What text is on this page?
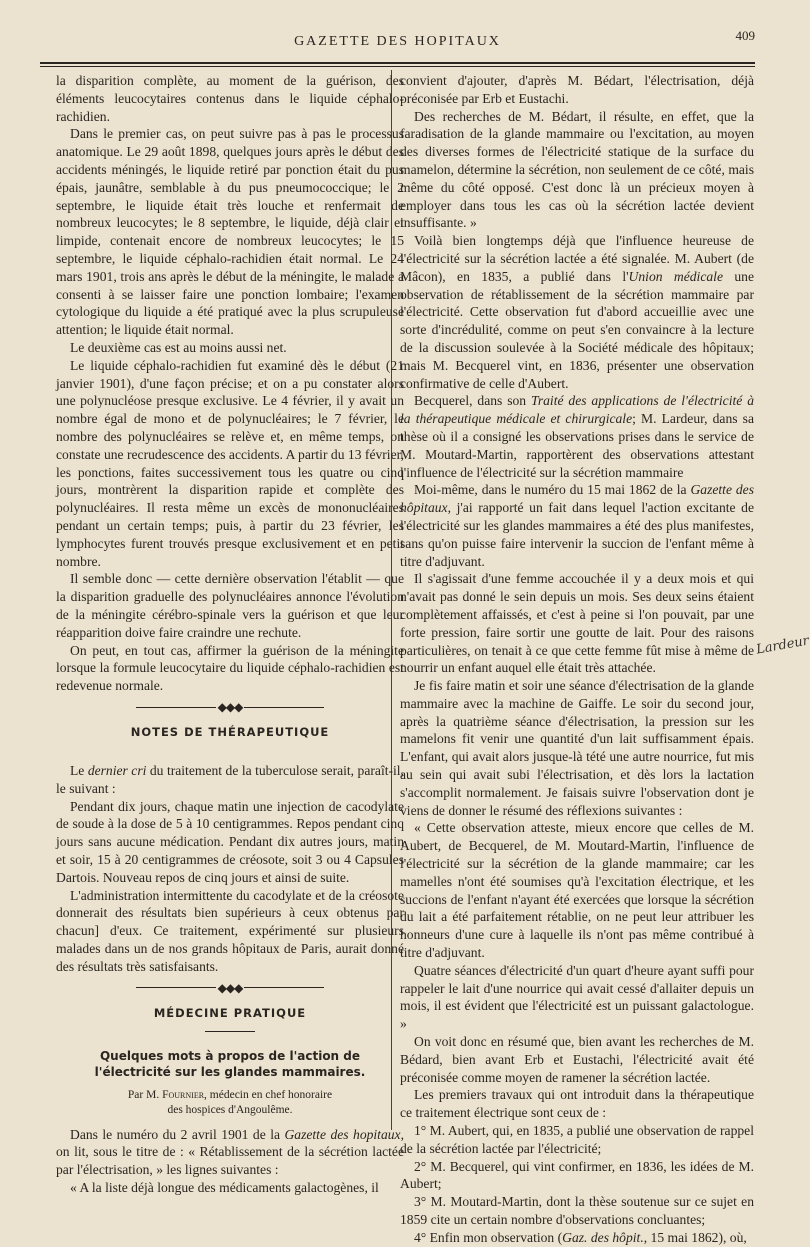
GAZETTE DES HOPITAUX	409

la disparition complète, au moment de la guérison, des éléments leucocytaires contenus dans le liquide céphalo-rachidien.

Dans le premier cas, on peut suivre pas à pas le processus anatomique. Le 29 août 1898, quelques jours après le début des accidents méningés, le liquide retiré par ponction était du pus épais, jaunâtre, semblable à du pus pneumococcique; le 2 septembre, le liquide était très louche et renfermait de nombreux leucocytes; le 8 septembre, le liquide, déjà clair et limpide, contenait encore de nombreux leucocytes; le 15 septembre, le liquide céphalo-rachidien était normal. Le 24 mars 1901, trois ans après le début de la méningite, le malade a consenti à se laisser faire une ponction lombaire; l'examen cytologique du liquide a été pratiqué avec la plus scrupuleuse attention; le liquide était normal.

Le deuxième cas est au moins aussi net.

Le liquide céphalo-rachidien fut examiné dès le début (21 janvier 1901), d'une façon précise; et on a pu constater alors une polynucléose presque exclusive. Le 4 février, il y avait un nombre égal de mono et de polynucléaires; le 7 février, le nombre des polynucléaires se relève et, en même temps, on constate une recrudescence des accidents. A partir du 13 février, les ponctions, faites successivement tous les quatre ou cinq jours, montrèrent la disparition rapide et complète des polynucléaires. Il resta même un excès de mononucléaires pendant un certain temps; puis, à partir du 23 février, les lymphocytes furent trouvés presque exclusivement et en petit nombre.

Il semble donc — cette dernière observation l'établit — que la disparition graduelle des polynucléaires annonce l'évolution de la méningite cérébro-spinale vers la guérison et que leur réapparition doive faire craindre une rechute.

On peut, en tout cas, affirmer la guérison de la méningite lorsque la formule leucocytaire du liquide céphalo-rachidien est redevenue normale.

◆◆◆
NOTES DE THÉRAPEUTIQUE

Le dernier cri du traitement de la tuberculose serait, paraît-il, le suivant :

Pendant dix jours, chaque matin une injection de cacodylate de soude à la dose de 5 à 10 centigrammes. Repos pendant cinq jours sans aucune médication. Pendant dix autres jours, matin et soir, 15 à 20 centigrammes de créosote, soit 3 ou 4 Capsules Dartois. Nouveau repos de cinq jours et ainsi de suite.

L'administration intermittente du cacodylate et de la créosote donnerait des résultats bien supérieurs à ceux obtenus par chacun] d'eux. Ce traitement, expérimenté sur plusieurs malades dans un de nos grands hôpitaux de Paris, aurait donné des résultats très satisfaisants.

◆◆◆
MÉDECINE PRATIQUE
Quelques mots à propos de l'action de l'électricité sur les glandes mammaires.
Par M. Fournier, médecin en chef honoraire
des hospices d'Angoulême.

Dans le numéro du 2 avril 1901 de la Gazette des hopitaux, on lit, sous le titre de : « Rétablissement de la sécrétion lactée par l'électrisation, » les lignes suivantes :

« A la liste déjà longue des médicaments galactogènes, il

convient d'ajouter, d'après M. Bédart, l'électrisation, déjà préconisée par Erb et Eustachi.

Des recherches de M. Bédart, il résulte, en effet, que la faradisation de la glande mammaire ou l'excitation, au moyen des diverses formes de l'électricité statique de la surface du mamelon, détermine la sécrétion, non seulement de ce côté, mais même du côté opposé. C'est donc là un précieux moyen à employer dans tous les cas où la sécrétion lactée devient insuffisante. »

Voilà bien longtemps déjà que l'influence heureuse de l'électricité sur la sécrétion lactée a été signalée. M. Aubert (de Mâcon), en 1835, a publié dans l'Union médicale une observation de rétablissement de la sécrétion mammaire par l'électricité. Cette observation fut d'abord accueillie avec une sorte d'incrédulité, comme on peut s'en convaincre à la lecture de la discussion soulevée à la Société médicale des hôpitaux; mais M. Becquerel vint, en 1836, présenter une observation confirmative de celle d'Aubert.

Becquerel, dans son Traité des applications de l'électricité à la thérapeutique médicale et chirurgicale; M. Lardeur, dans sa thèse où il a consigné les observations prises dans le service de M. Moutard-Martin, rapportèrent des observations attestant l'influence de l'électricité sur la sécrétion mammaire

Moi-même, dans le numéro du 15 mai 1862 de la Gazette des hôpitaux, j'ai rapporté un fait dans lequel l'action excitante de l'électricité sur les glandes mammaires a été des plus manifestes, sans qu'on puisse faire intervenir la succion de l'enfant même à titre d'adjuvant.

Il s'agissait d'une femme accouchée il y a deux mois et qui n'avait pas donné le sein depuis un mois. Ses deux seins étaient complètement affaissés, et c'est à peine si l'on pouvait, par une forte pression, faire sortir une goutte de lait. Pour des raisons particulières, on tenait à ce que cette femme fût mise à même de nourrir un enfant auquel elle était très attachée.

Je fis faire matin et soir une séance d'électrisation de la glande mammaire avec la machine de Gaiffe. Le soir du second jour, après la quatrième séance d'électrisation, la pression sur les mamelons fit venir une quantité d'un lait suffisamment épais. L'enfant, qui avait alors jusque-là tété une autre nourrice, fut mis au sein qui avait subi l'électrisation, et dès lors la lactation s'accomplit normalement. Je faisais suivre l'observation dont je viens de donner le résumé des réflexions suivantes :

« Cette observation atteste, mieux encore que celles de M. Aubert, de Becquerel, de M. Moutard-Martin, l'influence de l'électricité sur la sécrétion de la glande mammaire; car les mamelles n'ont été soumises qu'à l'excitation électrique, et les succions de l'enfant n'ayant été exercées que lorsque la sécrétion du lait a été parfaitement rétablie, on ne peut leur attribuer les honneurs d'une cure à laquelle ils n'ont pas même contribué à titre d'adjuvant.

Quatre séances d'électricité d'un quart d'heure ayant suffi pour rappeler le lait d'une nourrice qui avait cessé d'allaiter depuis un mois, il est évident que l'électricité est un puissant galactologue. »

On voit donc en résumé que, bien avant les recherches de M. Bédard, bien avant Erb et Eustachi, l'électricité avait été préconisée comme moyen de ramener la sécrétion lactée.

Les premiers travaux qui ont introduit dans la thérapeutique ce traitement électrique sont ceux de :

1° M. Aubert, qui, en 1835, a publié une observation de rappel de la sécrétion lactée par l'électricité;

2° M. Becquerel, qui vint confirmer, en 1836, les idées de M. Aubert;

3° M. Moutard-Martin, dont la thèse soutenue sur ce sujet en 1859 cite un certain nombre d'observations concluantes;

4° Enfin mon observation (Gaz. des hôpit., 15 mai 1862), où,

Lardeur
